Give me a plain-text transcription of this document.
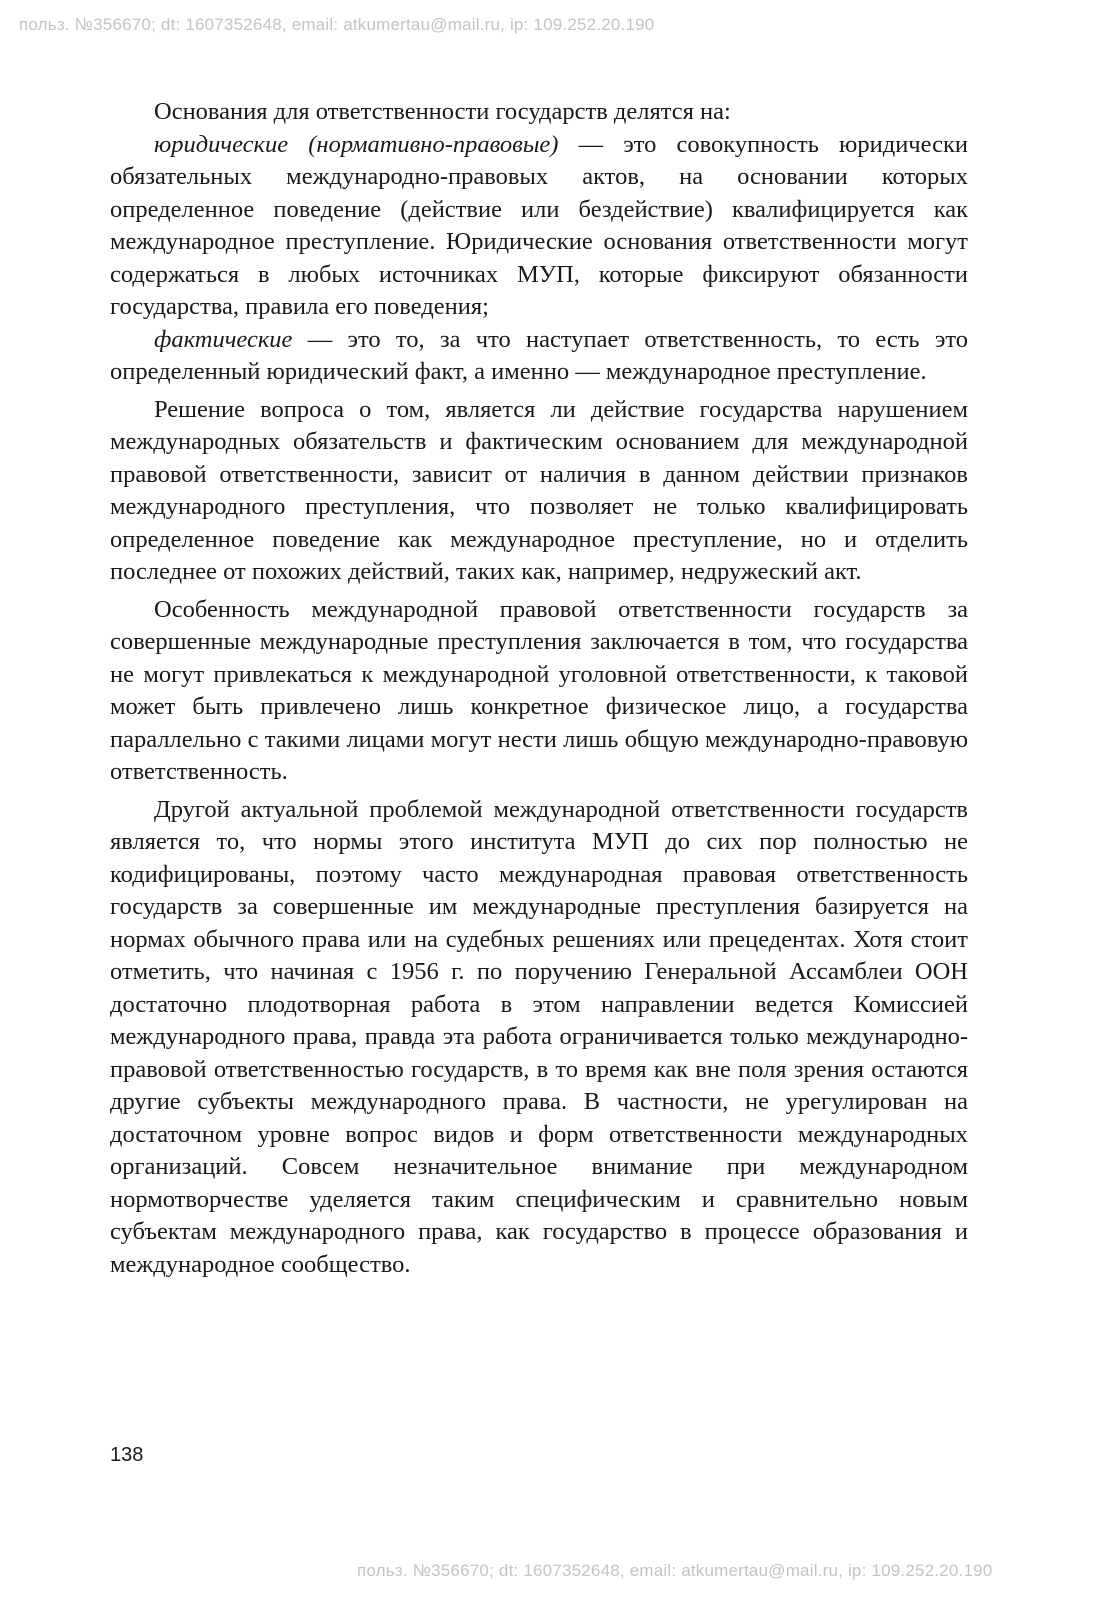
польз. №356670; dt: 1607352648, email: atkumertau@mail.ru, ip: 109.252.20.190

Основания для ответственности государств делятся на:

юридические (нормативно-правовые) — это совокупность юридически обязательных международно-правовых актов, на основании которых определенное поведение (действие или бездействие) квалифицируется как международное преступление. Юридические основания ответственности могут содержаться в любых источниках МУП, которые фиксируют обязанности государства, правила его поведения;

фактические — это то, за что наступает ответственность, то есть это определенный юридический факт, а именно — международное преступление.

Решение вопроса о том, является ли действие государства нарушением международных обязательств и фактическим основанием для международной правовой ответственности, зависит от наличия в данном действии признаков международного преступления, что позволяет не только квалифицировать определенное поведение как международное преступление, но и отделить последнее от похожих действий, таких как, например, недружеский акт.

Особенность международной правовой ответственности государств за совершенные международные преступления заключается в том, что государства не могут привлекаться к международной уголовной ответственности, к таковой может быть привлечено лишь конкретное физическое лицо, а государства параллельно с такими лицами могут нести лишь общую международно-правовую ответственность.

Другой актуальной проблемой международной ответственности государств является то, что нормы этого института МУП до сих пор полностью не кодифицированы, поэтому часто международная правовая ответственность государств за совершенные им международные преступления базируется на нормах обычного права или на судебных решениях или прецедентах. Хотя стоит отметить, что начиная с 1956 г. по поручению Генеральной Ассамблеи ООН достаточно плодотворная работа в этом направлении ведется Комиссией международного права, правда эта работа ограничивается только международно-правовой ответственностью государств, в то время как вне поля зрения остаются другие субъекты международного права. В частности, не урегулирован на достаточном уровне вопрос видов и форм ответственности международных организаций. Совсем незначительное внимание при международном нормотворчестве уделяется таким специфическим и сравнительно новым субъектам международного права, как государство в процессе образования и международное сообщество.

138
польз. №356670; dt: 1607352648, email: atkumertau@mail.ru, ip: 109.252.20.190
